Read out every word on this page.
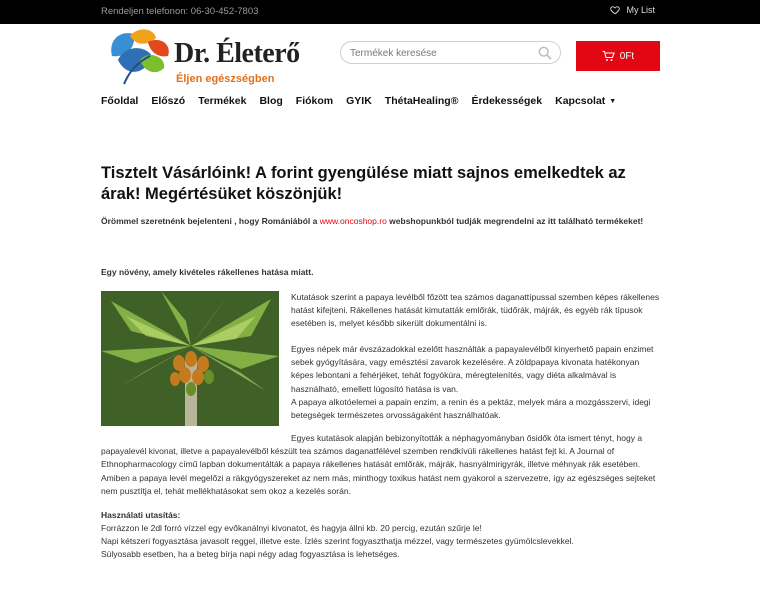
Rendeljen telefonon: 06-30-452-7803	My List
Dr. Életerő
Éljen egészségben
Termékek keresése
0Ft
Főoldal Előszó Termékek Blog Fiókom GYIK ThétaHealing® Érdekességek Kapcsolat ▼
Tisztelt Vásárlóink! A forint gyengülése miatt sajnos emelkedtek az árak! Megértésüket köszönjük!

Örömmel szeretnénk bejelenteni , hogy Romániából a www.oncoshop.ro webshopunkból tudják megrendelni az itt található termékeket!

Egy növény, amely kivételes rákellenes hatása miatt.

Kutatások szerint a papaya levélből főzött tea számos daganattípussal szemben képes rákellenes hatást kifejteni. Rákellenes hatását kimutatták emlőrák, tüdőrák, májrák, és egyéb rák típusok esetében is, melyet később sikerült dokumentálni is.
Egyes népek már évszázadokkal ezelőtt használták a papayalevélből kinyerhető papain enzimet sebek gyógyítására, vagy emésztési zavarok kezelésére. A zöldpapaya kivonata hatékonyan képes lebontani a fehérjéket, tehát fogyókúra, méregtelenítés, vagy diéta alkalmával is használható, emellett lúgosító hatása is van.
A papaya alkotóelemei a papain enzim, a renin és a pektáz, melyek mára a mozgásszervi, idegi betegségek természetes orvosságaként használhatóak.
Egyes kutatások alapján bebizonyították a néphagyományban ősidők óta ismert tényt, hogy a papayalevél kivonat, illetve a papayalevélből készült tea számos daganatfélével szemben rendkívüli rákellenes hatást fejt ki. A Journal of Ethnopharmacology című lapban dokumentálták a papaya rákellenes hatását emlőrák, májrák, hasnyálmirigyrák, illetve méhnyak rák esetében.
Amiben a papaya levél megelőzi a rákgyógyszereket az nem más, minthogy toxikus hatást nem gyakorol a szervezetre, így az egészséges sejteket nem pusztítja el, tehát mellékhatásokat sem okoz a kezelés során.

Használati utasítás:

Forrázzon le 2dl forró vízzel egy evőkanálnyi kivonatot, és hagyja állni kb. 20 percig, ezután szűrje le!
Napi kétszeri fogyasztása javasolt reggel, illetve este. Ízlés szerint fogyaszthatja mézzel, vagy természetes gyümölcslevekkel.
Súlyosabb esetben, ha a beteg bírja napi négy adag fogyasztása is lehetséges.
